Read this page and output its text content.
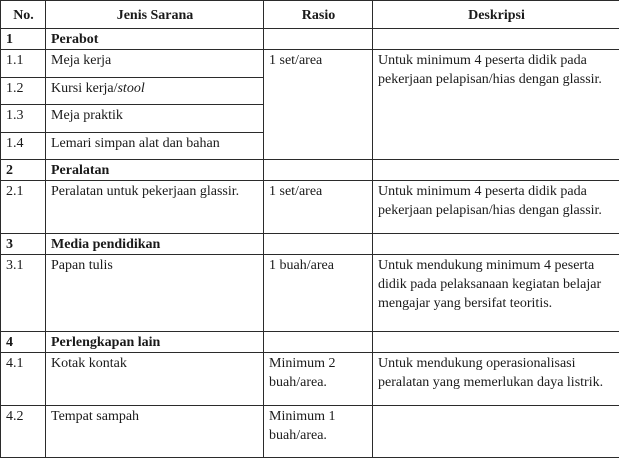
No.	Jenis Sarana	Rasio	Deskripsi
1	Perabot		
1.1	Meja kerja	1 set/area	Untuk minimum 4 peserta didik pada pekerjaan pelapisan/hias dengan glassir.
1.2	Kursi kerja/stool		
1.3	Meja praktik		
1.4	Lemari simpan alat dan bahan		
2	Peralatan		
2.1	Peralatan untuk pekerjaan glassir.	1 set/area	Untuk minimum 4 peserta didik pada pekerjaan pelapisan/hias dengan glassir.
3	Media pendidikan		
3.1	Papan tulis	1 buah/area	Untuk mendukung minimum 4 peserta didik pada pelaksanaan kegiatan belajar mengajar yang bersifat teoritis.
4	Perlengkapan lain		
4.1	Kotak kontak	Minimum 2 buah/area.	Untuk mendukung operasionalisasi peralatan yang memerlukan daya listrik.
4.2	Tempat sampah	Minimum 1 buah/area.	
